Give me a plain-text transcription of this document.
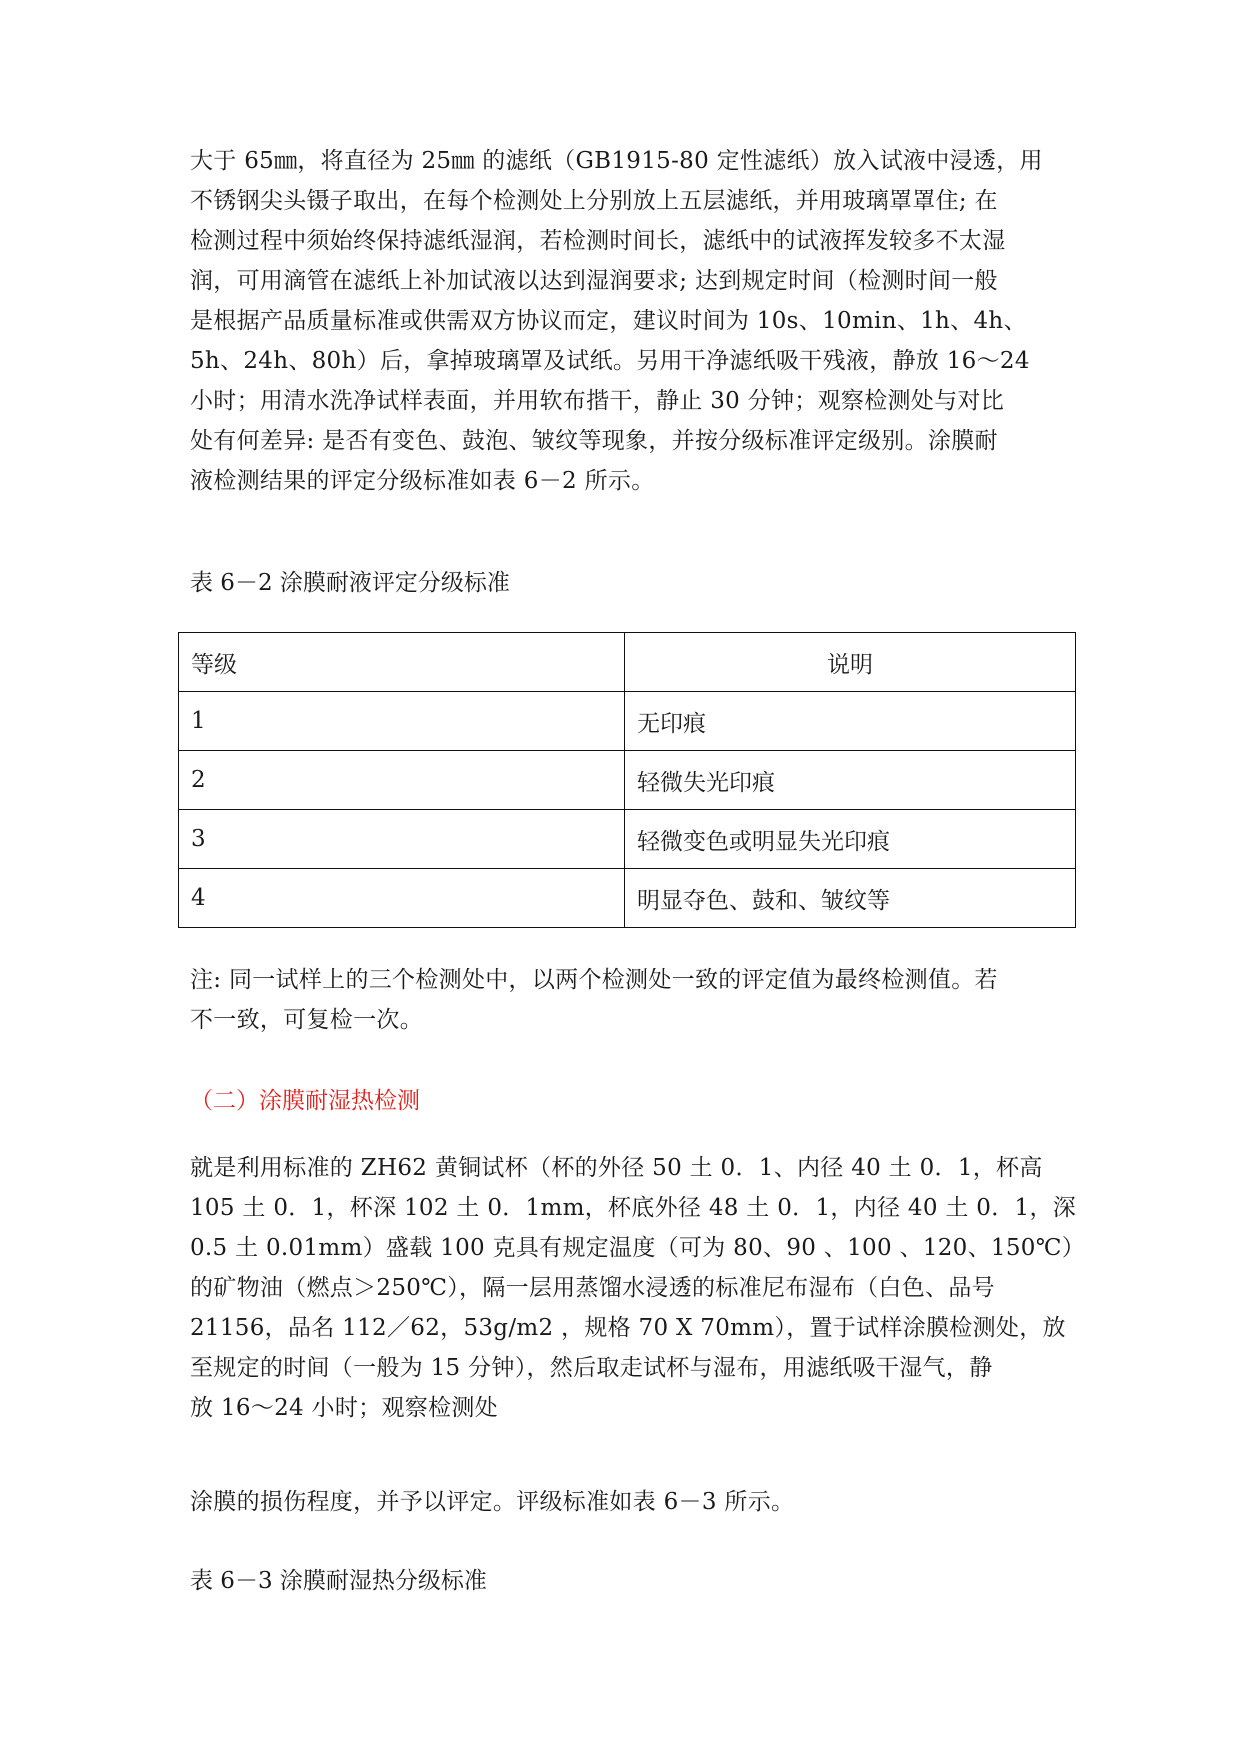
大于 65㎜，将直径为 25㎜ 的滤纸（GB1915-80 定性滤纸）放入试液中浸透，用
不锈钢尖头镊子取出，在每个检测处上分别放上五层滤纸，并用玻璃罩罩住; 在
检测过程中须始终保持滤纸湿润，若检测时间长，滤纸中的试液挥发较多不太湿
润，可用滴管在滤纸上补加试液以达到湿润要求; 达到规定时间（检测时间一般
是根据产品质量标准或供需双方协议而定，建议时间为 10s、10min、1h、4h、
5h、24h、80h）后，拿掉玻璃罩及试纸。另用干净滤纸吸干残液，静放 16～24
小时；用清水洗净试样表面，并用软布揩干，静止 30 分钟；观察检测处与对比
处有何差异: 是否有变色、鼓泡、皱纹等现象，并按分级标准评定级别。涂膜耐
液检测结果的评定分级标准如表 6－2 所示。

表 6－2 涂膜耐液评定分级标准

等级	说明
1	无印痕
2	轻微失光印痕
3	轻微变色或明显失光印痕
4	明显夺色、鼓和、皱纹等
注: 同一试样上的三个检测处中，以两个检测处一致的评定值为最终检测值。若
不一致，可复检一次。

（二）涂膜耐湿热检测

就是利用标准的 ZH62 黄铜试杯（杯的外径 50 土 0．1、内径 40 土 0．1，杯高
105 土 0．1，杯深 102 土 0．1mm，杯底外径 48 土 0．1，内径 40 土 0．1，深
0.5 土 0.01mm）盛载 100 克具有规定温度（可为 80、90 、100 、120、150℃）
的矿物油（燃点＞250℃），隔一层用蒸馏水浸透的标准尼布湿布（白色、品号
21156，品名 112／62，53g/m2 ，规格 70 X 70mm），置于试样涂膜检测处，放
至规定的时间（一般为 15 分钟），然后取走试杯与湿布，用滤纸吸干湿气，静
放 16～24 小时；观察检测处
涂膜的损伤程度，并予以评定。评级标准如表 6－3 所示。

表 6－3 涂膜耐湿热分级标准
